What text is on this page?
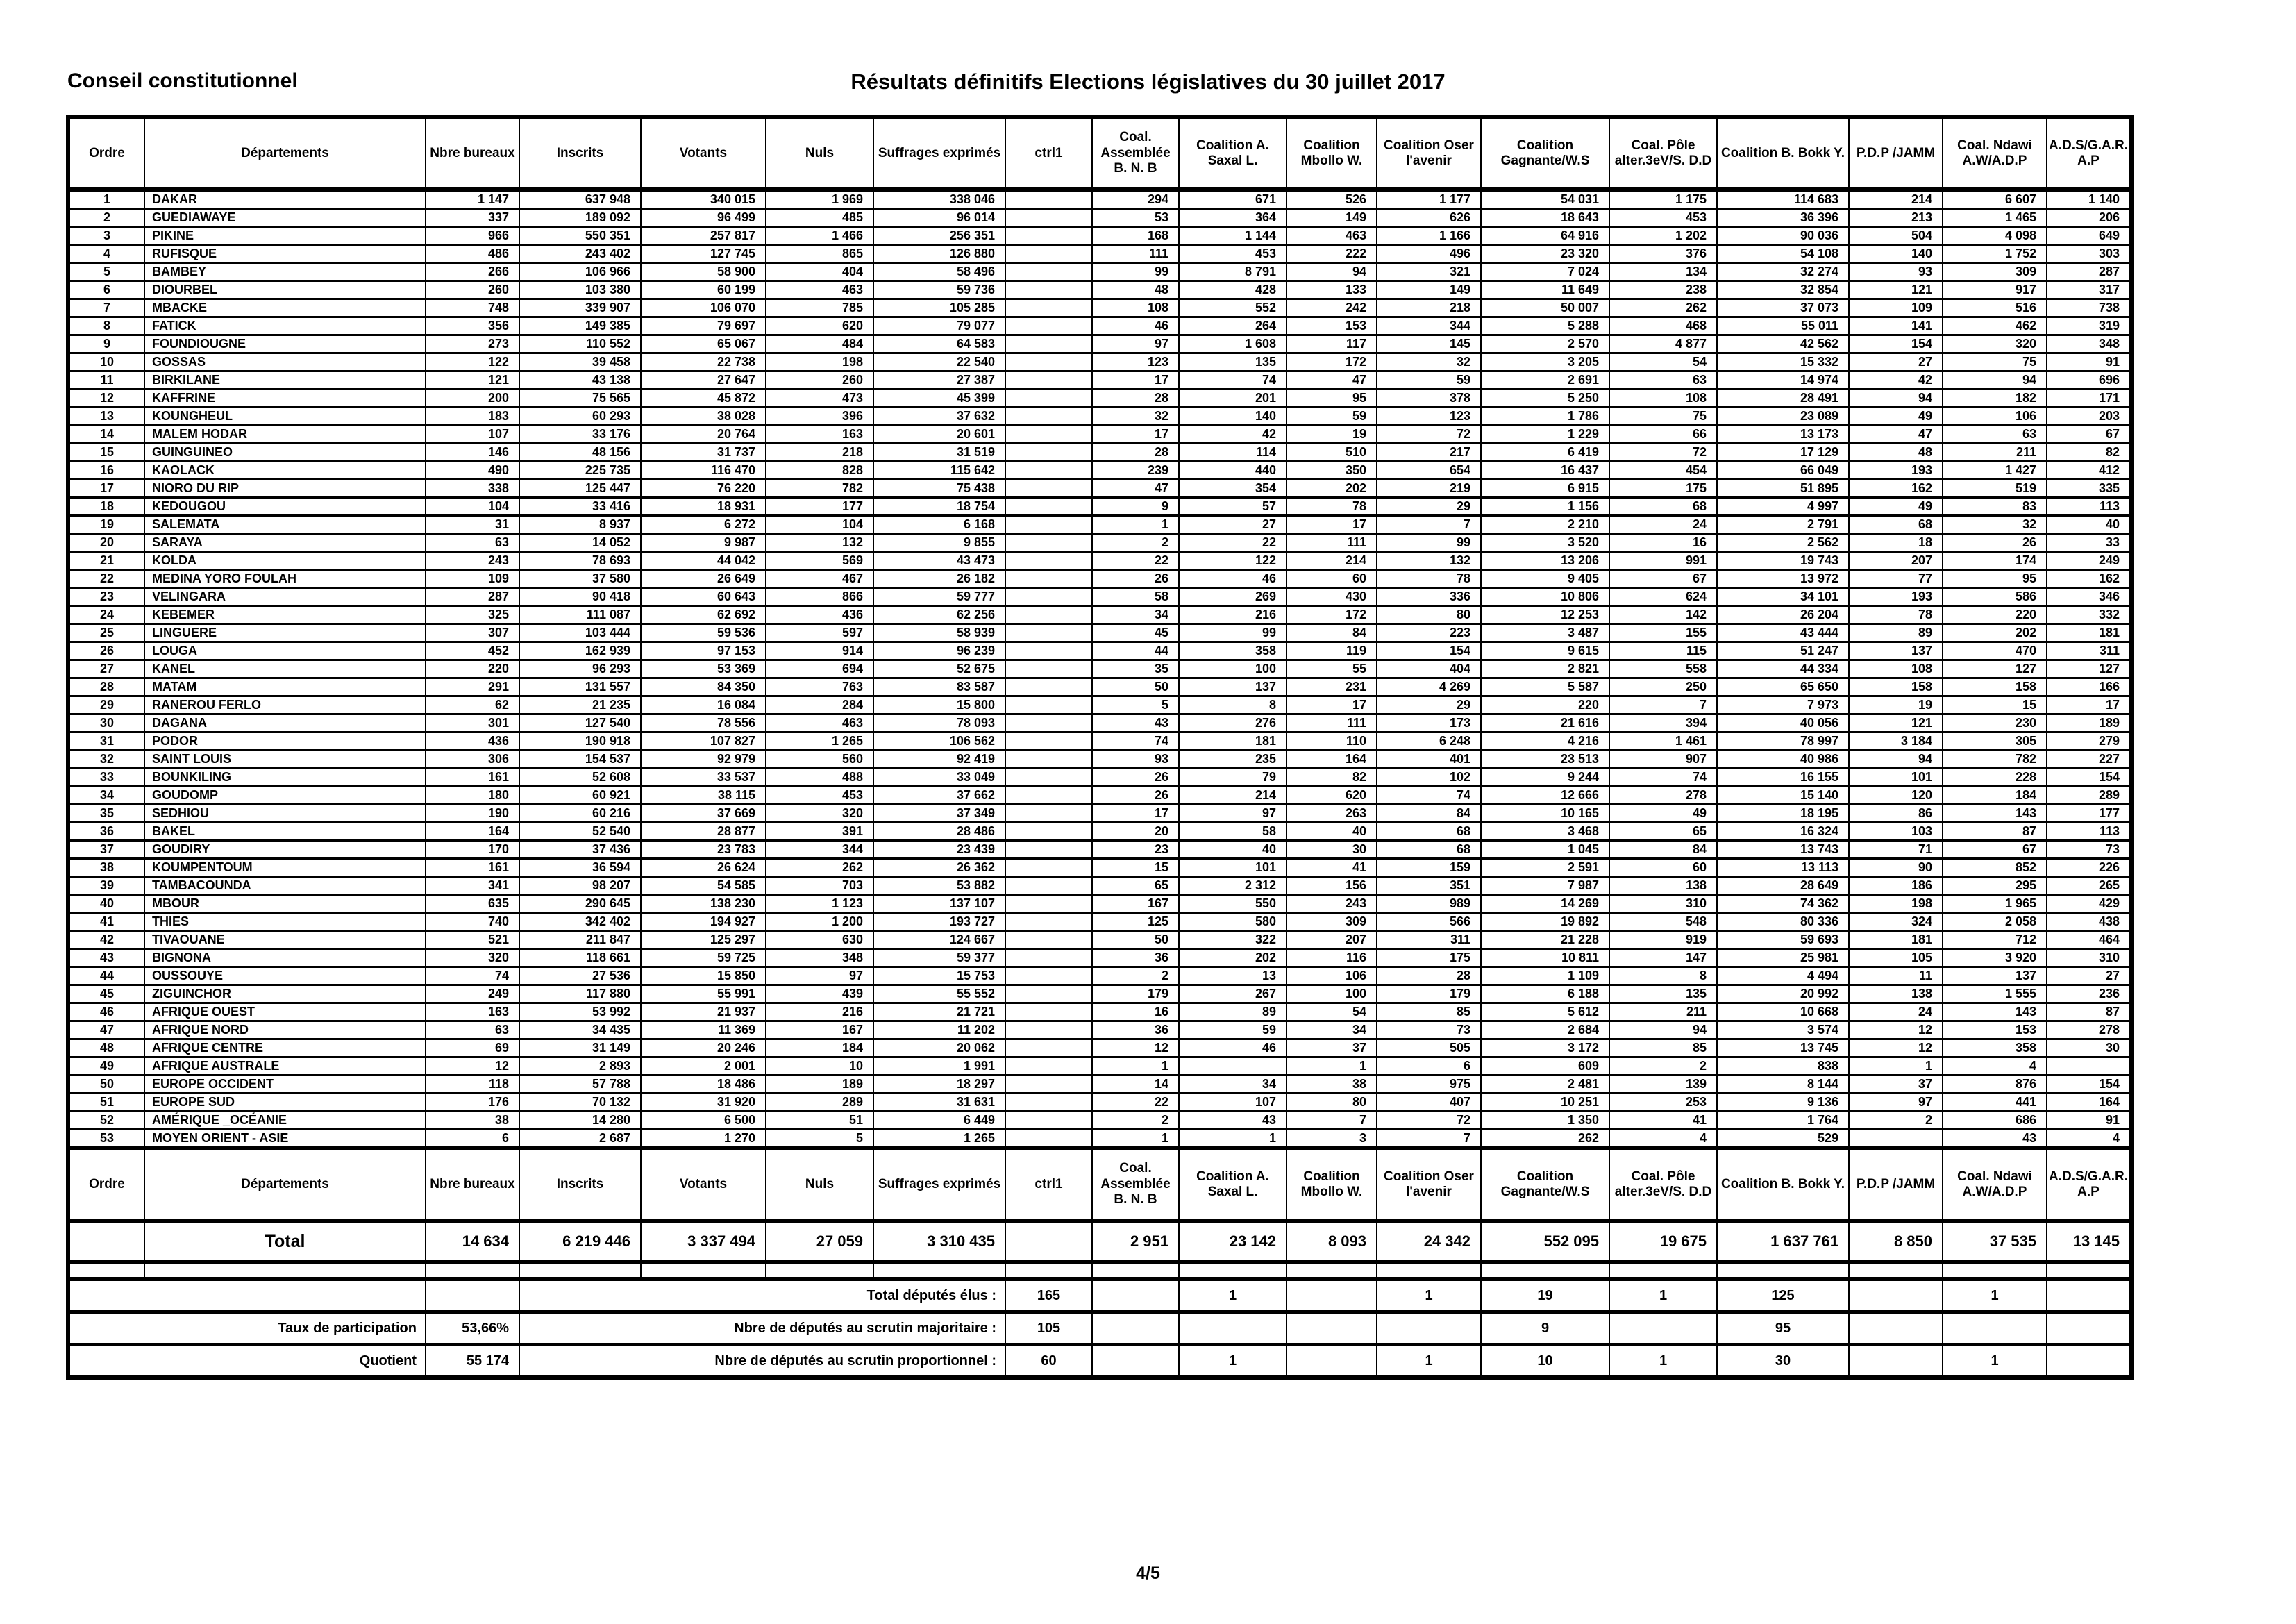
Conseil constitutionnel	Résultats définitifs Elections législatives du 30 juillet 2017
Ordre	Départements	Nbre bureaux	Inscrits	Votants	Nuls	Suffrages exprimés	ctrl1	Coal. Assemblée B. N. B	Coalition A. Saxal L.	Coalition Mbollo W.	Coalition Oser l'avenir	Coalition Gagnante/W.S	Coal. Pôle alter.3eV/S. D.D	Coalition B. Bokk Y.	P.D.P /JAMM	Coal. Ndawi A.W/A.D.P	A.D.S/G.A.R. A.P
1	DAKAR	1 147	637 948	340 015	1 969	338 046		294	671	526	1 177	54 031	1 175	114 683	214	6 607	1 140
2	GUEDIAWAYE	337	189 092	96 499	485	96 014		53	364	149	626	18 643	453	36 396	213	1 465	206
3	PIKINE	966	550 351	257 817	1 466	256 351		168	1 144	463	1 166	64 916	1 202	90 036	504	4 098	649
4	RUFISQUE	486	243 402	127 745	865	126 880		111	453	222	496	23 320	376	54 108	140	1 752	303
5	BAMBEY	266	106 966	58 900	404	58 496		99	8 791	94	321	7 024	134	32 274	93	309	287
6	DIOURBEL	260	103 380	60 199	463	59 736		48	428	133	149	11 649	238	32 854	121	917	317
7	MBACKE	748	339 907	106 070	785	105 285		108	552	242	218	50 007	262	37 073	109	516	738
8	FATICK	356	149 385	79 697	620	79 077		46	264	153	344	5 288	468	55 011	141	462	319
9	FOUNDIOUGNE	273	110 552	65 067	484	64 583		97	1 608	117	145	2 570	4 877	42 562	154	320	348
10	GOSSAS	122	39 458	22 738	198	22 540		123	135	172	32	3 205	54	15 332	27	75	91
11	BIRKILANE	121	43 138	27 647	260	27 387		17	74	47	59	2 691	63	14 974	42	94	696
12	KAFFRINE	200	75 565	45 872	473	45 399		28	201	95	378	5 250	108	28 491	94	182	171
13	KOUNGHEUL	183	60 293	38 028	396	37 632		32	140	59	123	1 786	75	23 089	49	106	203
14	MALEM HODAR	107	33 176	20 764	163	20 601		17	42	19	72	1 229	66	13 173	47	63	67
15	GUINGUINEO	146	48 156	31 737	218	31 519		28	114	510	217	6 419	72	17 129	48	211	82
16	KAOLACK	490	225 735	116 470	828	115 642		239	440	350	654	16 437	454	66 049	193	1 427	412
17	NIORO DU RIP	338	125 447	76 220	782	75 438		47	354	202	219	6 915	175	51 895	162	519	335
18	KEDOUGOU	104	33 416	18 931	177	18 754		9	57	78	29	1 156	68	4 997	49	83	113
19	SALEMATA	31	8 937	6 272	104	6 168		1	27	17	7	2 210	24	2 791	68	32	40
20	SARAYA	63	14 052	9 987	132	9 855		2	22	111	99	3 520	16	2 562	18	26	33
21	KOLDA	243	78 693	44 042	569	43 473		22	122	214	132	13 206	991	19 743	207	174	249
22	MEDINA YORO FOULAH	109	37 580	26 649	467	26 182		26	46	60	78	9 405	67	13 972	77	95	162
23	VELINGARA	287	90 418	60 643	866	59 777		58	269	430	336	10 806	624	34 101	193	586	346
24	KEBEMER	325	111 087	62 692	436	62 256		34	216	172	80	12 253	142	26 204	78	220	332
25	LINGUERE	307	103 444	59 536	597	58 939		45	99	84	223	3 487	155	43 444	89	202	181
26	LOUGA	452	162 939	97 153	914	96 239		44	358	119	154	9 615	115	51 247	137	470	311
27	KANEL	220	96 293	53 369	694	52 675		35	100	55	404	2 821	558	44 334	108	127	127
28	MATAM	291	131 557	84 350	763	83 587		50	137	231	4 269	5 587	250	65 650	158	158	166
29	RANEROU FERLO	62	21 235	16 084	284	15 800		5	8	17	29	220	7	7 973	19	15	17
30	DAGANA	301	127 540	78 556	463	78 093		43	276	111	173	21 616	394	40 056	121	230	189
31	PODOR	436	190 918	107 827	1 265	106 562		74	181	110	6 248	4 216	1 461	78 997	3 184	305	279
32	SAINT LOUIS	306	154 537	92 979	560	92 419		93	235	164	401	23 513	907	40 986	94	782	227
33	BOUNKILING	161	52 608	33 537	488	33 049		26	79	82	102	9 244	74	16 155	101	228	154
34	GOUDOMP	180	60 921	38 115	453	37 662		26	214	620	74	12 666	278	15 140	120	184	289
35	SEDHIOU	190	60 216	37 669	320	37 349		17	97	263	84	10 165	49	18 195	86	143	177
36	BAKEL	164	52 540	28 877	391	28 486		20	58	40	68	3 468	65	16 324	103	87	113
37	GOUDIRY	170	37 436	23 783	344	23 439		23	40	30	68	1 045	84	13 743	71	67	73
38	KOUMPENTOUM	161	36 594	26 624	262	26 362		15	101	41	159	2 591	60	13 113	90	852	226
39	TAMBACOUNDA	341	98 207	54 585	703	53 882		65	2 312	156	351	7 987	138	28 649	186	295	265
40	MBOUR	635	290 645	138 230	1 123	137 107		167	550	243	989	14 269	310	74 362	198	1 965	429
41	THIES	740	342 402	194 927	1 200	193 727		125	580	309	566	19 892	548	80 336	324	2 058	438
42	TIVAOUANE	521	211 847	125 297	630	124 667		50	322	207	311	21 228	919	59 693	181	712	464
43	BIGNONA	320	118 661	59 725	348	59 377		36	202	116	175	10 811	147	25 981	105	3 920	310
44	OUSSOUYE	74	27 536	15 850	97	15 753		2	13	106	28	1 109	8	4 494	11	137	27
45	ZIGUINCHOR	249	117 880	55 991	439	55 552		179	267	100	179	6 188	135	20 992	138	1 555	236
46	AFRIQUE OUEST	163	53 992	21 937	216	21 721		16	89	54	85	5 612	211	10 668	24	143	87
47	AFRIQUE NORD	63	34 435	11 369	167	11 202		36	59	34	73	2 684	94	3 574	12	153	278
48	AFRIQUE CENTRE	69	31 149	20 246	184	20 062		12	46	37	505	3 172	85	13 745	12	358	30
49	AFRIQUE AUSTRALE	12	2 893	2 001	10	1 991		1		1	6	609	2	838	1	4	
50	EUROPE OCCIDENT	118	57 788	18 486	189	18 297		14	34	38	975	2 481	139	8 144	37	876	154
51	EUROPE SUD	176	70 132	31 920	289	31 631		22	107	80	407	10 251	253	9 136	97	441	164
52	AMÉRIQUE _OCÉANIE	38	14 280	6 500	51	6 449		2	43	7	72	1 350	41	1 764	2	686	91
53	MOYEN ORIENT - ASIE	6	2 687	1 270	5	1 265		1	1	3	7	262	4	529		43	4
Ordre	Départements	Nbre bureaux	Inscrits	Votants	Nuls	Suffrages exprimés	ctrl1	Coal. Assemblée B. N. B	Coalition A. Saxal L.	Coalition Mbollo W.	Coalition Oser l'avenir	Coalition Gagnante/W.S	Coal. Pôle alter.3eV/S. D.D	Coalition B. Bokk Y.	P.D.P /JAMM	Coal. Ndawi A.W/A.D.P	A.D.S/G.A.R. A.P
	Total	14 634	6 219 446	3 337 494	27 059	3 310 435		2 951	23 142	8 093	24 342	552 095	19 675	1 637 761	8 850	37 535	13 145

			Total députés élus :				165		1		1	19	1	125		1	
Taux de participation		53,66%	Nbre de députés au scrutin majoritaire :				105					9		95			
Quotient		55 174	Nbre de députés au scrutin proportionnel :				60		1		1	10	1	30		1	
4/5
